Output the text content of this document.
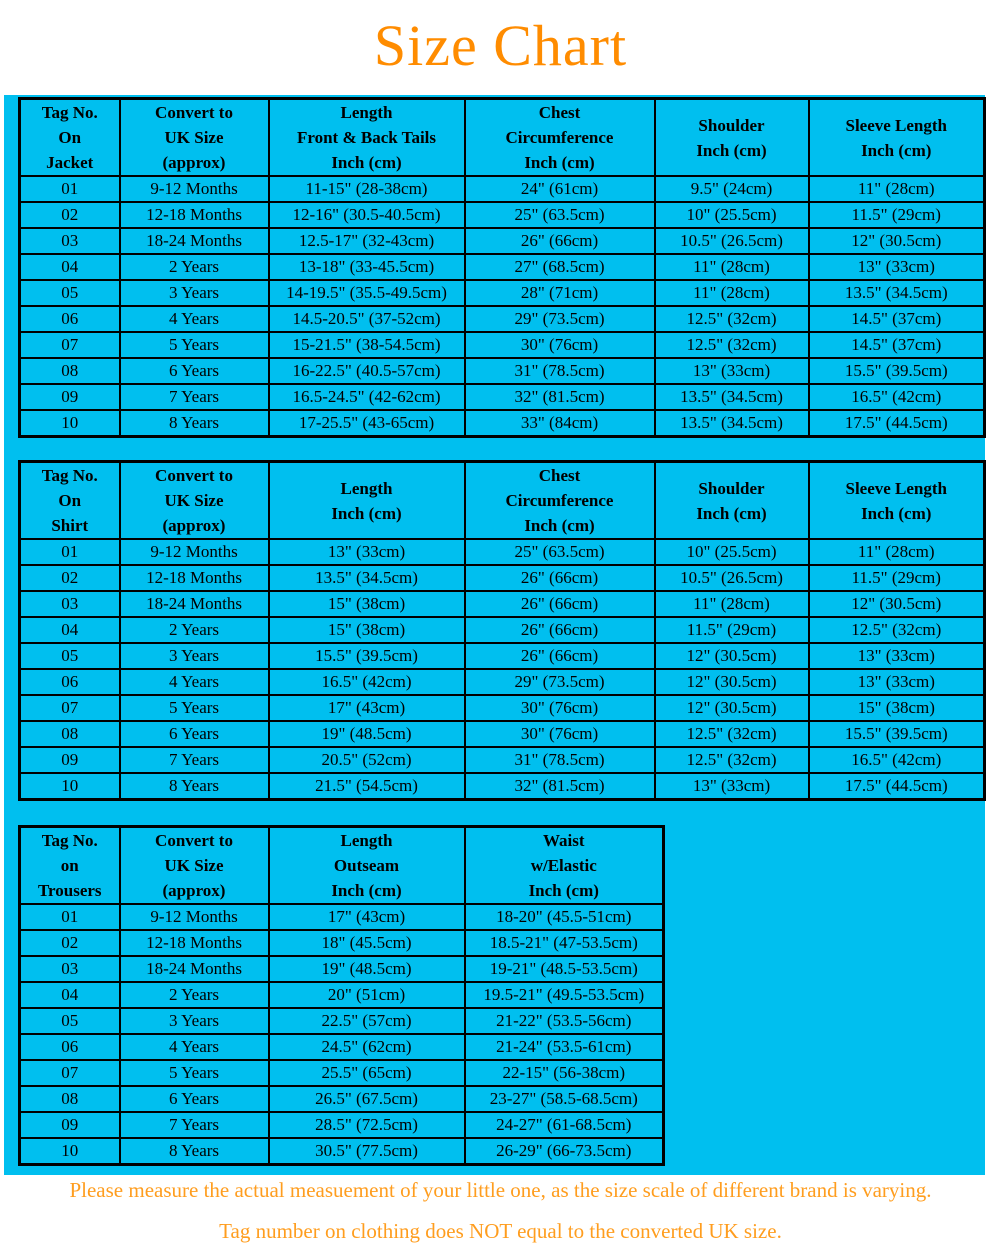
Size Chart
Tag No.
On
Jacket

Convert to
UK Size
(approx)

Length
Front & Back Tails
Inch (cm)

Chest
Circumference
Inch (cm)

Shoulder
Inch (cm)

Sleeve Length
Inch (cm)

01	9-12 Months	11-15" (28-38cm)	24" (61cm)	9.5" (24cm)	11" (28cm)
02	12-18 Months	12-16" (30.5-40.5cm)	25" (63.5cm)	10" (25.5cm)	11.5" (29cm)
03	18-24 Months	12.5-17" (32-43cm)	26" (66cm)	10.5" (26.5cm)	12" (30.5cm)
04	2 Years	13-18" (33-45.5cm)	27" (68.5cm)	11" (28cm)	13" (33cm)
05	3 Years	14-19.5" (35.5-49.5cm)	28" (71cm)	11" (28cm)	13.5" (34.5cm)
06	4 Years	14.5-20.5" (37-52cm)	29" (73.5cm)	12.5" (32cm)	14.5" (37cm)
07	5 Years	15-21.5" (38-54.5cm)	30" (76cm)	12.5" (32cm)	14.5" (37cm)
08	6 Years	16-22.5" (40.5-57cm)	31" (78.5cm)	13" (33cm)	15.5" (39.5cm)
09	7 Years	16.5-24.5" (42-62cm)	32" (81.5cm)	13.5" (34.5cm)	16.5" (42cm)
10	8 Years	17-25.5" (43-65cm)	33" (84cm)	13.5" (34.5cm)	17.5" (44.5cm)
Tag No.
On
Shirt

Convert to
UK Size
(approx)

Length
Inch (cm)

Chest
Circumference
Inch (cm)

Shoulder
Inch (cm)

Sleeve Length
Inch (cm)

01	9-12 Months	13" (33cm)	25" (63.5cm)	10" (25.5cm)	11" (28cm)
02	12-18 Months	13.5" (34.5cm)	26" (66cm)	10.5" (26.5cm)	11.5" (29cm)
03	18-24 Months	15" (38cm)	26" (66cm)	11" (28cm)	12" (30.5cm)
04	2 Years	15" (38cm)	26" (66cm)	11.5" (29cm)	12.5" (32cm)
05	3 Years	15.5" (39.5cm)	26" (66cm)	12" (30.5cm)	13" (33cm)
06	4 Years	16.5" (42cm)	29" (73.5cm)	12" (30.5cm)	13" (33cm)
07	5 Years	17" (43cm)	30" (76cm)	12" (30.5cm)	15" (38cm)
08	6 Years	19" (48.5cm)	30" (76cm)	12.5" (32cm)	15.5" (39.5cm)
09	7 Years	20.5" (52cm)	31" (78.5cm)	12.5" (32cm)	16.5" (42cm)
10	8 Years	21.5" (54.5cm)	32" (81.5cm)	13" (33cm)	17.5" (44.5cm)
Tag No.
on
Trousers

Convert to
UK Size
(approx)

Length
Outseam
Inch (cm)

Waist
w/Elastic
Inch (cm)

01	9-12 Months	17" (43cm)	18-20" (45.5-51cm)
02	12-18 Months	18" (45.5cm)	18.5-21" (47-53.5cm)
03	18-24 Months	19" (48.5cm)	19-21" (48.5-53.5cm)
04	2 Years	20" (51cm)	19.5-21" (49.5-53.5cm)
05	3 Years	22.5" (57cm)	21-22" (53.5-56cm)
06	4 Years	24.5" (62cm)	21-24" (53.5-61cm)
07	5 Years	25.5" (65cm)	22-15" (56-38cm)
08	6 Years	26.5" (67.5cm)	23-27" (58.5-68.5cm)
09	7 Years	28.5" (72.5cm)	24-27" (61-68.5cm)
10	8 Years	30.5" (77.5cm)	26-29" (66-73.5cm)

Please measure the actual measuement of your little one, as the size scale of different brand is varying.

Tag number on clothing does NOT equal to the converted UK size.
